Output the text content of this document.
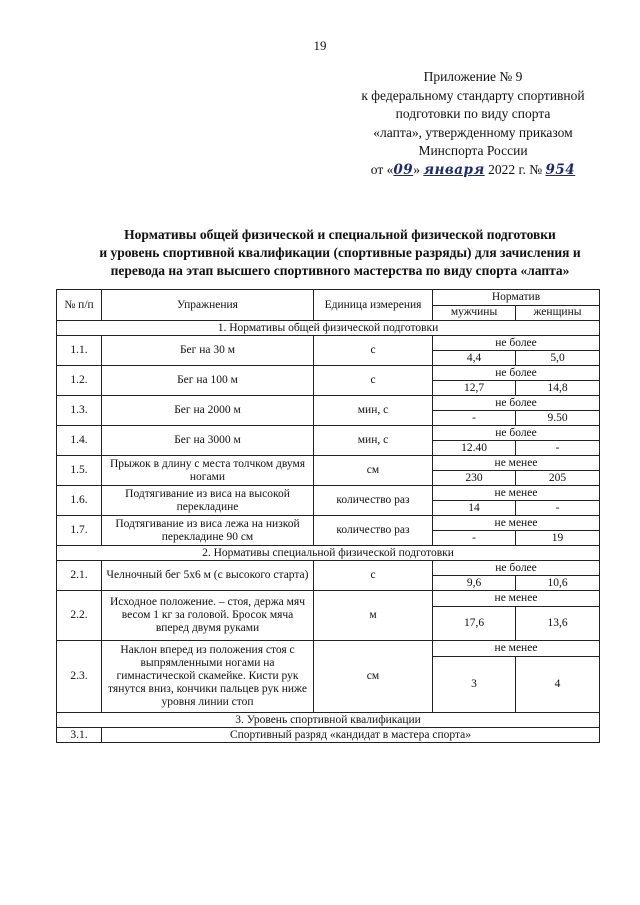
19
Приложение № 9
к федеральному стандарту спортивной
подготовки по виду спорта
«лапта», утвержденному приказом
Минспорта России
от «09» января 2022 г. № 954
Нормативы общей физической и специальной физической подготовки
и уровень спортивной квалификации (спортивные разряды) для зачисления и
перевода на этап высшего спортивного мастерства по виду спорта «лапта»
№ п/п	Упражнения	Единица измерения	Норматив	
			мужчины	женщины
1. Нормативы общей физической подготовки				
1.1.	Бег на 30 м	с	не более	
			4,4	5,0
1.2.	Бег на 100 м	с	не более	
			12,7	14,8
1.3.	Бег на 2000 м	мин, с	не более	
			-	9.50
1.4.	Бег на 3000 м	мин, с	не более	
			12.40	-
1.5.	Прыжок в длину с места толчком двумя ногами	см	не менее	
			230	205
1.6.	Подтягивание из виса на высокой перекладине	количество раз	не менее	
			14	-
1.7.	Подтягивание из виса лежа на низкой перекладине 90 см	количество раз	не менее	
			-	19
2. Нормативы специальной физической подготовки				
2.1.	Челночный бег 5х6 м (с высокого старта)	с	не более	
			9,6	10,6
2.2.	Исходное положение. – стоя, держа мяч весом 1 кг за головой. Бросок мяча вперед двумя руками	м	не менее	
			17,6	13,6
2.3.	Наклон вперед из положения стоя с выпрямленными ногами на гимнастической скамейке. Кисти рук тянутся вниз, кончики пальцев рук ниже уровня линии стоп	см	не менее	
			3	4
3. Уровень спортивной квалификации				
3.1.	Спортивный разряд «кандидат в мастера спорта»			
